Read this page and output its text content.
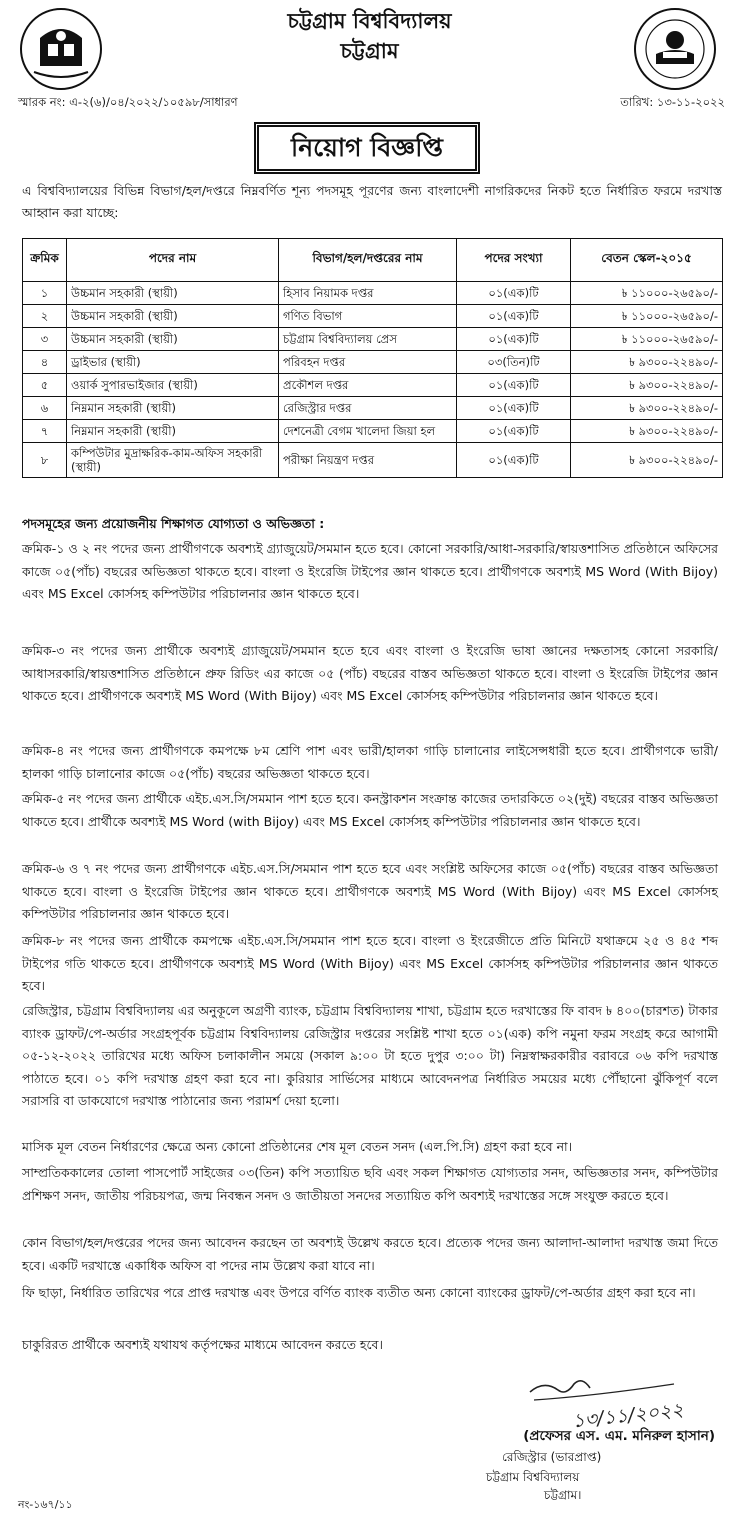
চট্টগ্রাম বিশ্ববিদ্যালয়
চট্টগ্রাম
স্মারক নং: এ-২(৬)/০৪/২০২২/১০৫৯৮/সাধারণ	তারিখ: ১৩-১১-২০২২
নিয়োগ বিজ্ঞপ্তি
এ বিশ্ববিদ্যালয়ের বিভিন্ন বিভাগ/হল/দপ্তরে নিম্নবর্ণিত শূন্য পদসমূহ পূরণের জন্য বাংলাদেশী নাগরিকদের নিকট হতে নির্ধারিত ফরমে দরখাস্ত আহ্বান করা যাচ্ছে:
ক্রমিক	পদের নাম	বিভাগ/হল/দপ্তরের নাম	পদের সংখ্যা	বেতন স্কেল-২০১৫
১	উচ্চমান সহকারী (স্থায়ী)	হিসাব নিয়ামক দপ্তর	০১(এক)টি	৳ ১১০০০-২৬৫৯০/-
২	উচ্চমান সহকারী (স্থায়ী)	গণিত বিভাগ	০১(এক)টি	৳ ১১০০০-২৬৫৯০/-
৩	উচ্চমান সহকারী (স্থায়ী)	চট্টগ্রাম বিশ্ববিদ্যালয় প্রেস	০১(এক)টি	৳ ১১০০০-২৬৫৯০/-
৪	ড্রাইভার (স্থায়ী)	পরিবহন দপ্তর	০৩(তিন)টি	৳ ৯৩০০-২২৪৯০/-
৫	ওয়ার্ক সুপারভাইজার (স্থায়ী)	প্রকৌশল দপ্তর	০১(এক)টি	৳ ৯৩০০-২২৪৯০/-
৬	নিম্নমান সহকারী (স্থায়ী)	রেজিস্ট্রার দপ্তর	০১(এক)টি	৳ ৯৩০০-২২৪৯০/-
৭	নিম্নমান সহকারী (স্থায়ী)	দেশনেত্রী বেগম খালেদা জিয়া হল	০১(এক)টি	৳ ৯৩০০-২২৪৯০/-
৮	কম্পিউটার মুদ্রাক্ষরিক-কাম-অফিস সহকারী (স্থায়ী)	পরীক্ষা নিয়ন্ত্রণ দপ্তর	০১(এক)টি	৳ ৯৩০০-২২৪৯০/-
পদসমূহের জন্য প্রয়োজনীয় শিক্ষাগত যোগ্যতা ও অভিজ্ঞতা :
ক্রমিক-১ ও ২ নং পদের জন্য প্রার্থীগণকে অবশ্যই গ্র্যাজুয়েট/সমমান হতে হবে। কোনো সরকারি/আধা-সরকারি/স্বায়ত্তশাসিত প্রতিষ্ঠানে অফিসের কাজে ০৫(পাঁচ) বছরের অভিজ্ঞতা থাকতে হবে। বাংলা ও ইংরেজি টাইপের জ্ঞান থাকতে হবে। প্রার্থীগণকে অবশ্যই MS Word (With Bijoy) এবং MS Excel কোর্সসহ কম্পিউটার পরিচালনার জ্ঞান থাকতে হবে।
ক্রমিক-৩ নং পদের জন্য প্রার্থীকে অবশ্যই গ্র্যাজুয়েট/সমমান হতে হবে এবং বাংলা ও ইংরেজি ভাষা জ্ঞানের দক্ষতাসহ কোনো সরকারি/আধাসরকারি/স্বায়ত্তশাসিত প্রতিষ্ঠানে প্রুফ রিডিং এর কাজে ০৫ (পাঁচ) বছরের বাস্তব অভিজ্ঞতা থাকতে হবে। বাংলা ও ইংরেজি টাইপের জ্ঞান থাকতে হবে। প্রার্থীগণকে অবশ্যই MS Word (With Bijoy) এবং MS Excel কোর্সসহ কম্পিউটার পরিচালনার জ্ঞান থাকতে হবে।
ক্রমিক-৪ নং পদের জন্য প্রার্থীগণকে কমপক্ষে ৮ম শ্রেণি পাশ এবং ভারী/হালকা গাড়ি চালানোর লাইসেন্সধারী হতে হবে। প্রার্থীগণকে ভারী/হালকা গাড়ি চালানোর কাজে ০৫(পাঁচ) বছরের অভিজ্ঞতা থাকতে হবে।
ক্রমিক-৫ নং পদের জন্য প্রার্থীকে এইচ.এস.সি/সমমান পাশ হতে হবে। কনস্ট্রাকশন সংক্রান্ত কাজের তদারকিতে ০২(দুই) বছরের বাস্তব অভিজ্ঞতা থাকতে হবে। প্রার্থীকে অবশ্যই MS Word (with Bijoy) এবং MS Excel কোর্সসহ কম্পিউটার পরিচালনার জ্ঞান থাকতে হবে।
ক্রমিক-৬ ও ৭ নং পদের জন্য প্রার্থীগণকে এইচ.এস.সি/সমমান পাশ হতে হবে এবং সংশ্লিষ্ট অফিসের কাজে ০৫(পাঁচ) বছরের বাস্তব অভিজ্ঞতা থাকতে হবে। বাংলা ও ইংরেজি টাইপের জ্ঞান থাকতে হবে। প্রার্থীগণকে অবশ্যই MS Word (With Bijoy) এবং MS Excel কোর্সসহ কম্পিউটার পরিচালনার জ্ঞান থাকতে হবে।
ক্রমিক-৮ নং পদের জন্য প্রার্থীকে কমপক্ষে এইচ.এস.সি/সমমান পাশ হতে হবে। বাংলা ও ইংরেজীতে প্রতি মিনিটে যথাক্রমে ২৫ ও ৪৫ শব্দ টাইপের গতি থাকতে হবে। প্রার্থীগণকে অবশ্যই MS Word (With Bijoy) এবং MS Excel কোর্সসহ কম্পিউটার পরিচালনার জ্ঞান থাকতে হবে।
রেজিস্ট্রার, চট্টগ্রাম বিশ্ববিদ্যালয় এর অনুকূলে অগ্রণী ব্যাংক, চট্টগ্রাম বিশ্ববিদ্যালয় শাখা, চট্টগ্রাম হতে দরখাস্তের ফি বাবদ ৳ ৪০০(চারশত) টাকার ব্যাংক ড্রাফট/পে-অর্ডার সংগ্রহপূর্বক চট্টগ্রাম বিশ্ববিদ্যালয় রেজিস্ট্রার দপ্তরের সংশ্লিষ্ট শাখা হতে ০১(এক) কপি নমুনা ফরম সংগ্রহ করে আগামী ০৫-১২-২০২২ তারিখের মধ্যে অফিস চলাকালীন সময়ে (সকাল ৯:০০ টা হতে দুপুর ৩:০০ টা) নিম্নস্বাক্ষরকারীর বরাবরে ০৬ কপি দরখাস্ত পাঠাতে হবে। ০১ কপি দরখাস্ত গ্রহণ করা হবে না। কুরিয়ার সার্ভিসের মাধ্যমে আবেদনপত্র নির্ধারিত সময়ের মধ্যে পৌঁছানো ঝুঁকিপূর্ণ বলে সরাসরি বা ডাকযোগে দরখাস্ত পাঠানোর জন্য পরামর্শ দেয়া হলো।
মাসিক মূল বেতন নির্ধারণের ক্ষেত্রে অন্য কোনো প্রতিষ্ঠানের শেষ মূল বেতন সনদ (এল.পি.সি) গ্রহণ করা হবে না।
সাম্প্রতিককালের তোলা পাসপোর্ট সাইজের ০৩(তিন) কপি সত্যায়িত ছবি এবং সকল শিক্ষাগত যোগ্যতার সনদ, অভিজ্ঞতার সনদ, কম্পিউটার প্রশিক্ষণ সনদ, জাতীয় পরিচয়পত্র, জন্ম নিবন্ধন সনদ ও জাতীয়তা সনদের সত্যায়িত কপি অবশ্যই দরখাস্তের সঙ্গে সংযুক্ত করতে হবে।
কোন বিভাগ/হল/দপ্তরের পদের জন্য আবেদন করছেন তা অবশ্যই উল্লেখ করতে হবে। প্রত্যেক পদের জন্য আলাদা-আলাদা দরখাস্ত জমা দিতে হবে। একটি দরখাস্তে একাধিক অফিস বা পদের নাম উল্লেখ করা যাবে না।
ফি ছাড়া, নির্ধারিত তারিখের পরে প্রাপ্ত দরখাস্ত এবং উপরে বর্ণিত ব্যাংক ব্যতীত অন্য কোনো ব্যাংকের ড্রাফট/পে-অর্ডার গ্রহণ করা হবে না।
চাকুরিরত প্রার্থীকে অবশ্যই যথাযথ কর্তৃপক্ষের মাধ্যমে আবেদন করতে হবে।
১৩/১১/২০২২
(প্রফেসর এস. এম. মনিরুল হাসান)
রেজিস্ট্রার (ভারপ্রাপ্ত)
চট্টগ্রাম বিশ্ববিদ্যালয়
চট্টগ্রাম।
নং-১৬৭/১১
